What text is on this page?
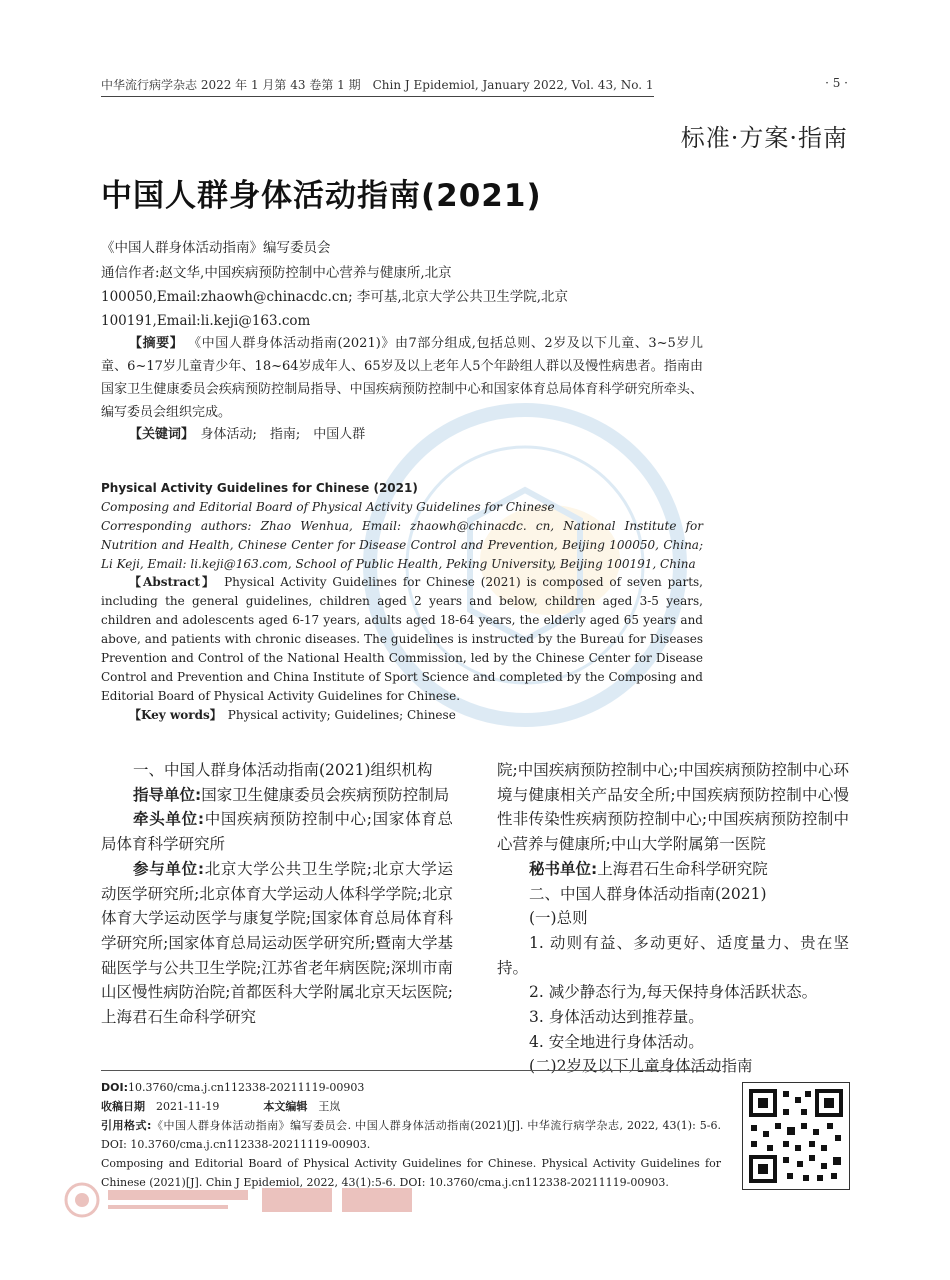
中华流行病学杂志 2022 年 1 月第 43 卷第 1 期　Chin J Epidemiol, January 2022, Vol. 43, No. 1	· 5 ·
标准·方案·指南
中国人群身体活动指南(2021)
《中国人群身体活动指南》编写委员会
通信作者:赵文华,中国疾病预防控制中心营养与健康所,北京 100050,Email:zhaowh@chinacdc.cn; 李可基,北京大学公共卫生学院,北京 100191,Email:li.keji@163.com
【摘要】 《中国人群身体活动指南(2021)》由7部分组成,包括总则、2岁及以下儿童、3~5岁儿童、6~17岁儿童青少年、18~64岁成年人、65岁及以上老年人5个年龄组人群以及慢性病患者。指南由国家卫生健康委员会疾病预防控制局指导、中国疾病预防控制中心和国家体育总局体育科学研究所牵头、编写委员会组织完成。
【关键词】　 身体活动;　指南;　中国人群
Physical Activity Guidelines for Chinese (2021)
Composing and Editorial Board of Physical Activity Guidelines for Chinese
Corresponding authors: Zhao Wenhua, Email: zhaowh@chinacdc. cn, National Institute for Nutrition and Health, Chinese Center for Disease Control and Prevention, Beijing 100050, China; Li Keji, Email: li.keji@163.com, School of Public Health, Peking University, Beijing 100191, China
【Abstract】　 Physical Activity Guidelines for Chinese (2021) is composed of seven parts, including the general guidelines, children aged 2 years and below, children aged 3-5 years, children and adolescents aged 6-17 years, adults aged 18-64 years, the elderly aged 65 years and above, and patients with chronic diseases. The guidelines is instructed by the Bureau for Diseases Prevention and Control of the National Health Commission, led by the Chinese Center for Disease Control and Prevention and China Institute of Sport Science and completed by the Composing and Editorial Board of Physical Activity Guidelines for Chinese.
【Key words】　 Physical activity; Guidelines; Chinese

一、中国人群身体活动指南(2021)组织机构

指导单位:国家卫生健康委员会疾病预防控制局

牵头单位:中国疾病预防控制中心;国家体育总局体育科学研究所

参与单位:北京大学公共卫生学院;北京大学运动医学研究所;北京体育大学运动人体科学学院;北京体育大学运动医学与康复学院;国家体育总局体育科学研究所;国家体育总局运动医学研究所;暨南大学基础医学与公共卫生学院;江苏省老年病医院;深圳市南山区慢性病防治院;首都医科大学附属北京天坛医院;上海君石生命科学研究

院;中国疾病预防控制中心;中国疾病预防控制中心环境与健康相关产品安全所;中国疾病预防控制中心慢性非传染性疾病预防控制中心;中国疾病预防控制中心营养与健康所;中山大学附属第一医院

秘书单位:上海君石生命科学研究院

二、中国人群身体活动指南(2021)

(一)总则

1. 动则有益、多动更好、适度量力、贵在坚持。

2. 减少静态行为,每天保持身体活跃状态。

3. 身体活动达到推荐量。

4. 安全地进行身体活动。

(二)2岁及以下儿童身体活动指南

DOI:10.3760/cma.j.cn112338-20211119-00903
收稿日期　 2021-11-19　　　　	本文编辑　 王岚
引用格式:《中国人群身体活动指南》编写委员会. 中国人群身体活动指南(2021)[J]. 中华流行病学杂志, 2022, 43(1): 5-6. DOI: 10.3760/cma.j.cn112338-20211119-00903.
Composing and Editorial Board of Physical Activity Guidelines for Chinese. Physical Activity Guidelines for Chinese (2021)[J]. Chin J Epidemiol, 2022, 43(1):5-6. DOI: 10.3760/cma.j.cn112338-20211119-00903.
